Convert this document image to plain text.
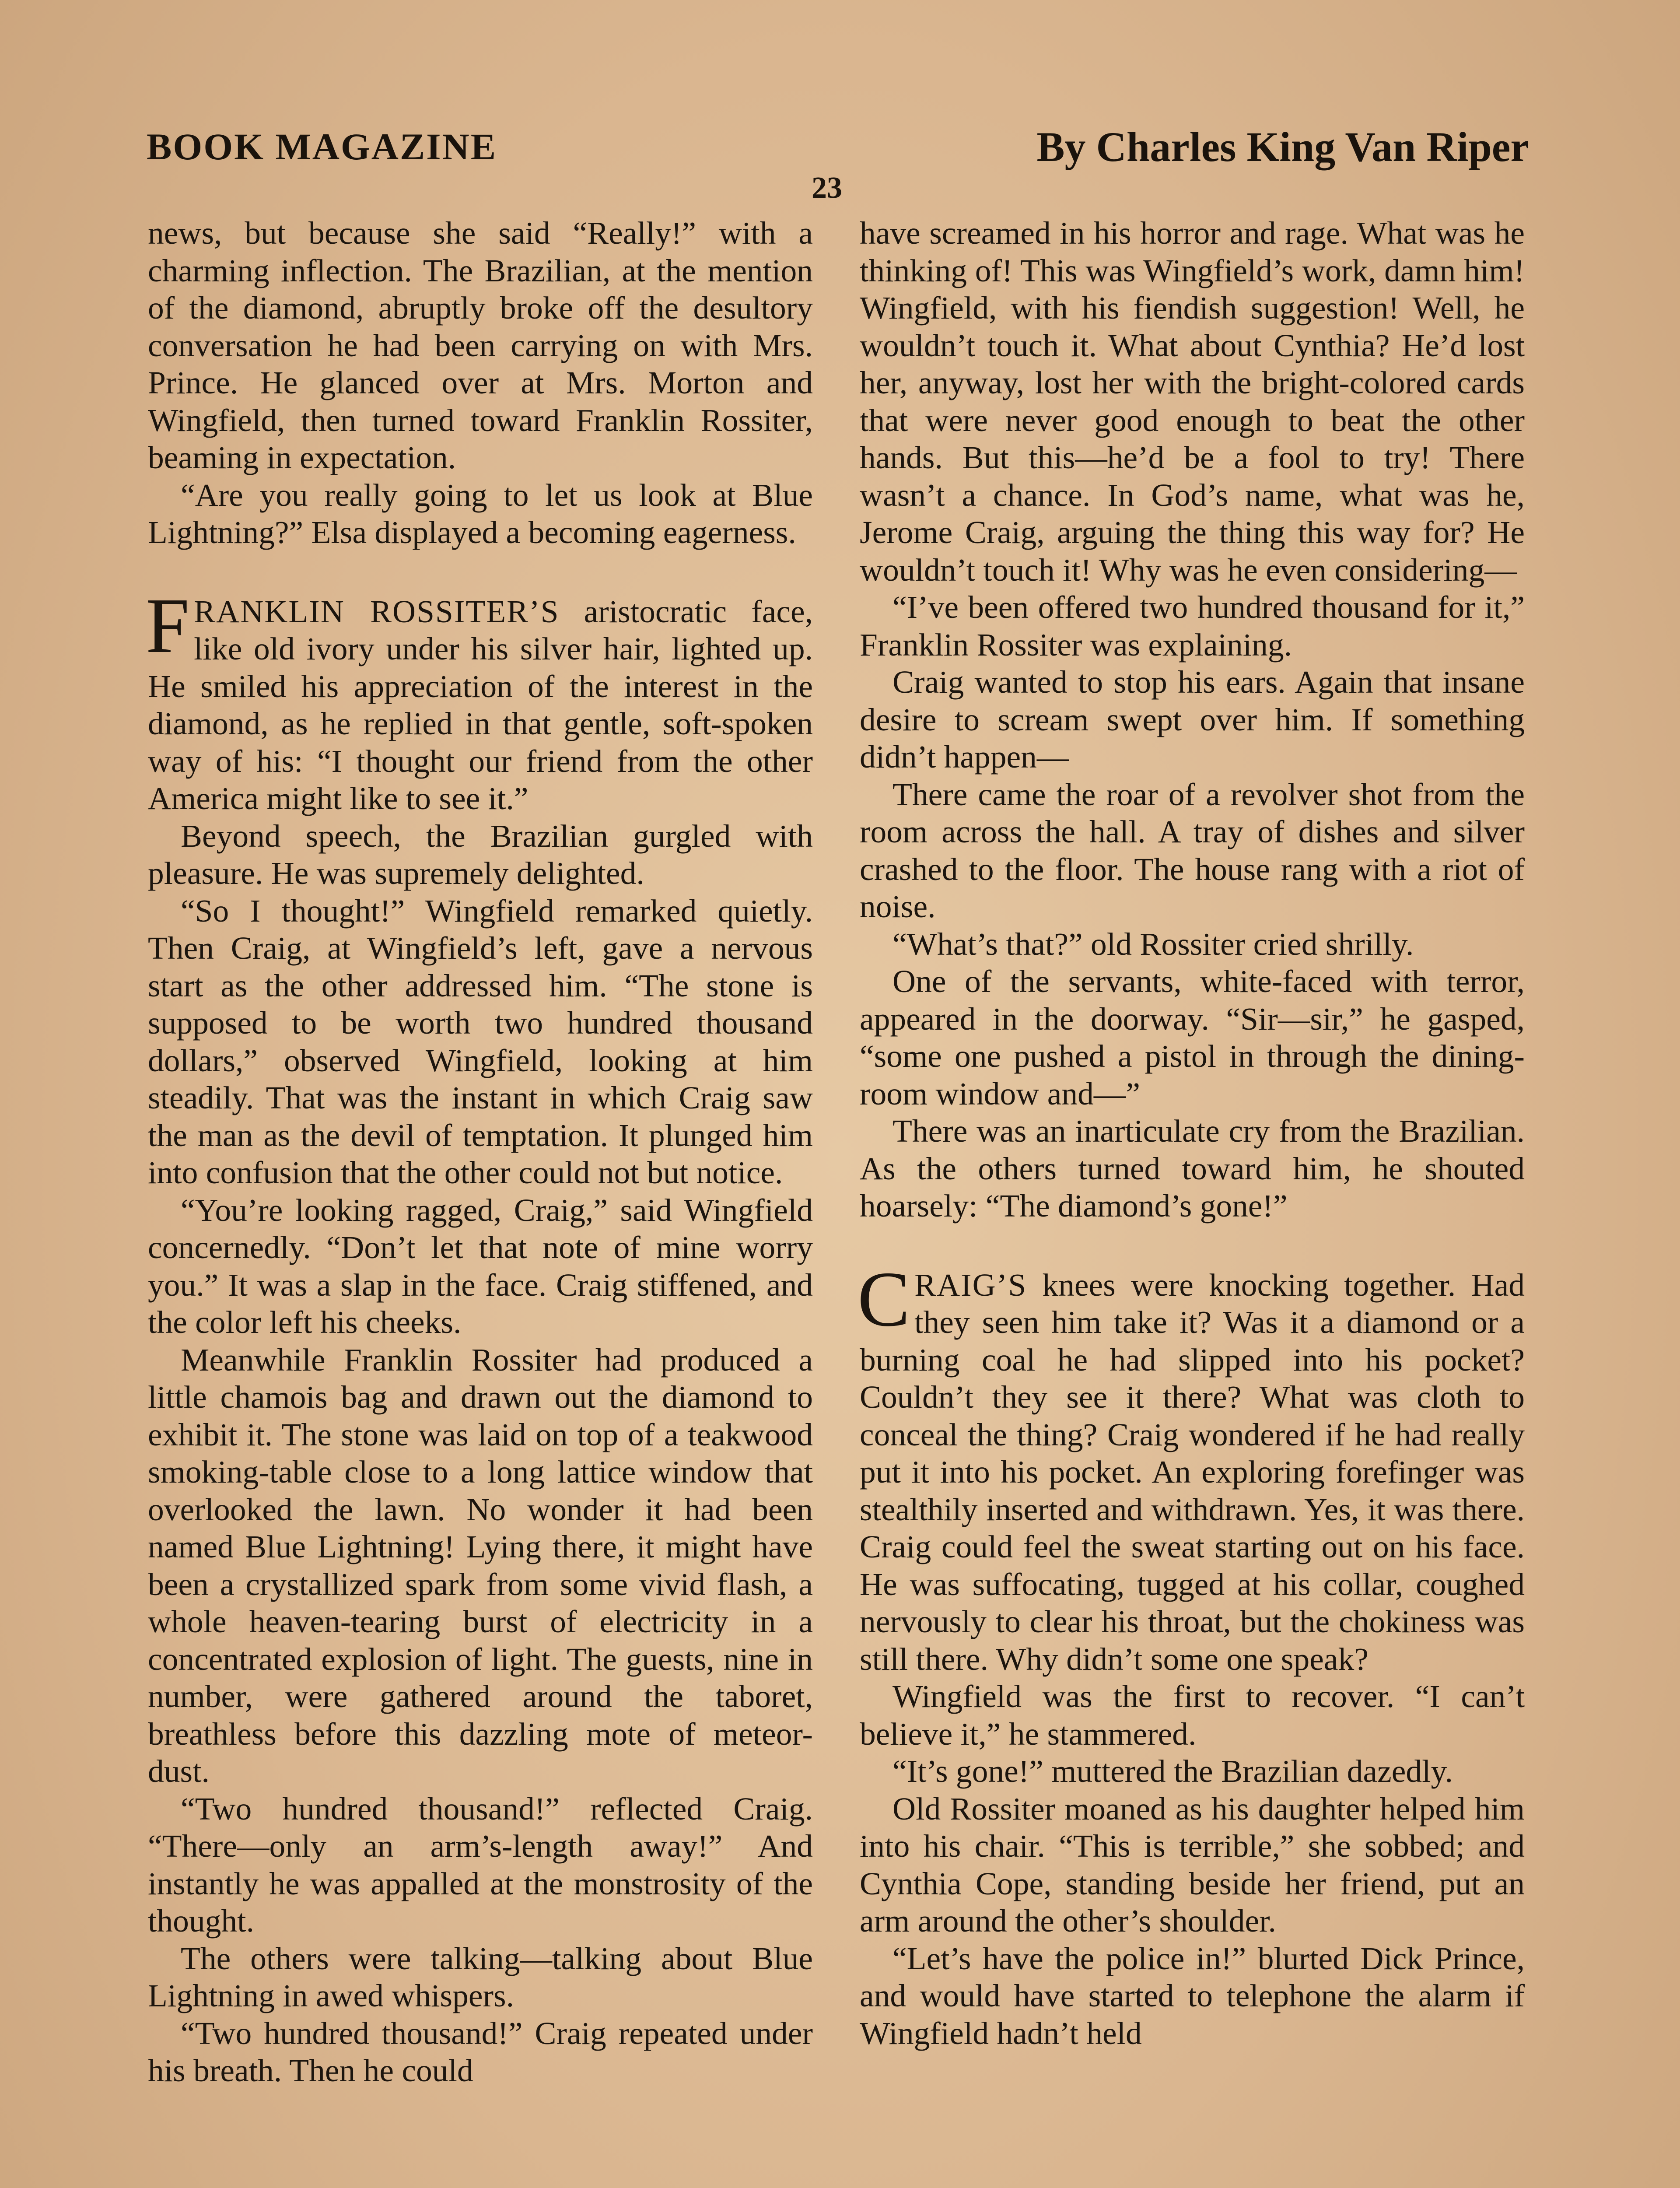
BOOK MAGAZINE	By Charles King Van Riper
23

news, but because she said “Really!” with a charming inflection. The Brazilian, at the mention of the diamond, abruptly broke off the desultory conversation he had been carrying on with Mrs. Prince. He glanced over at Mrs. Morton and Wingfield, then turned toward Franklin Rossiter, beaming in expectation.

“Are you really going to let us look at Blue Lightning?” Elsa displayed a becoming eagerness.

FRANKLIN ROSSITER’S aristocratic face, like old ivory under his silver hair, lighted up. He smiled his appreciation of the interest in the diamond, as he replied in that gentle, soft-spoken way of his: “I thought our friend from the other America might like to see it.”

Beyond speech, the Brazilian gurgled with pleasure. He was supremely delighted.

“So I thought!” Wingfield remarked quietly. Then Craig, at Wingfield’s left, gave a nervous start as the other addressed him. “The stone is supposed to be worth two hundred thousand dollars,” observed Wingfield, looking at him steadily. That was the instant in which Craig saw the man as the devil of temptation. It plunged him into confusion that the other could not but notice.

“You’re looking ragged, Craig,” said Wingfield concernedly. “Don’t let that note of mine worry you.” It was a slap in the face. Craig stiffened, and the color left his cheeks.

Meanwhile Franklin Rossiter had produced a little chamois bag and drawn out the diamond to exhibit it. The stone was laid on top of a teakwood smoking-table close to a long lattice window that overlooked the lawn. No wonder it had been named Blue Lightning! Lying there, it might have been a crystallized spark from some vivid flash, a whole heaven-tearing burst of electricity in a concentrated explosion of light. The guests, nine in number, were gathered around the taboret, breathless before this dazzling mote of meteor-dust.

“Two hundred thousand!” reflected Craig. “There—only an arm’s-length away!” And instantly he was appalled at the monstrosity of the thought.

The others were talking—talking about Blue Lightning in awed whispers.

“Two hundred thousand!” Craig repeated under his breath. Then he could

have screamed in his horror and rage. What was he thinking of! This was Wingfield’s work, damn him! Wingfield, with his fiendish suggestion! Well, he wouldn’t touch it. What about Cynthia? He’d lost her, anyway, lost her with the bright-colored cards that were never good enough to beat the other hands. But this—he’d be a fool to try! There wasn’t a chance. In God’s name, what was he, Jerome Craig, arguing the thing this way for? He wouldn’t touch it! Why was he even considering—

“I’ve been offered two hundred thousand for it,” Franklin Rossiter was explaining.

Craig wanted to stop his ears. Again that insane desire to scream swept over him. If something didn’t happen—

There came the roar of a revolver shot from the room across the hall. A tray of dishes and silver crashed to the floor. The house rang with a riot of noise.

“What’s that?” old Rossiter cried shrilly.

One of the servants, white-faced with terror, appeared in the doorway. “Sir—sir,” he gasped, “some one pushed a pistol in through the dining-room window and—”

There was an inarticulate cry from the Brazilian. As the others turned toward him, he shouted hoarsely: “The diamond’s gone!”

CRAIG’S knees were knocking together. Had they seen him take it? Was it a diamond or a burning coal he had slipped into his pocket? Couldn’t they see it there? What was cloth to conceal the thing? Craig wondered if he had really put it into his pocket. An exploring forefinger was stealthily inserted and withdrawn. Yes, it was there. Craig could feel the sweat starting out on his face. He was suffocating, tugged at his collar, coughed nervously to clear his throat, but the chokiness was still there. Why didn’t some one speak?

Wingfield was the first to recover. “I can’t believe it,” he stammered.

“It’s gone!” muttered the Brazilian dazedly.

Old Rossiter moaned as his daughter helped him into his chair. “This is terrible,” she sobbed; and Cynthia Cope, standing beside her friend, put an arm around the other’s shoulder.

“Let’s have the police in!” blurted Dick Prince, and would have started to telephone the alarm if Wingfield hadn’t held
